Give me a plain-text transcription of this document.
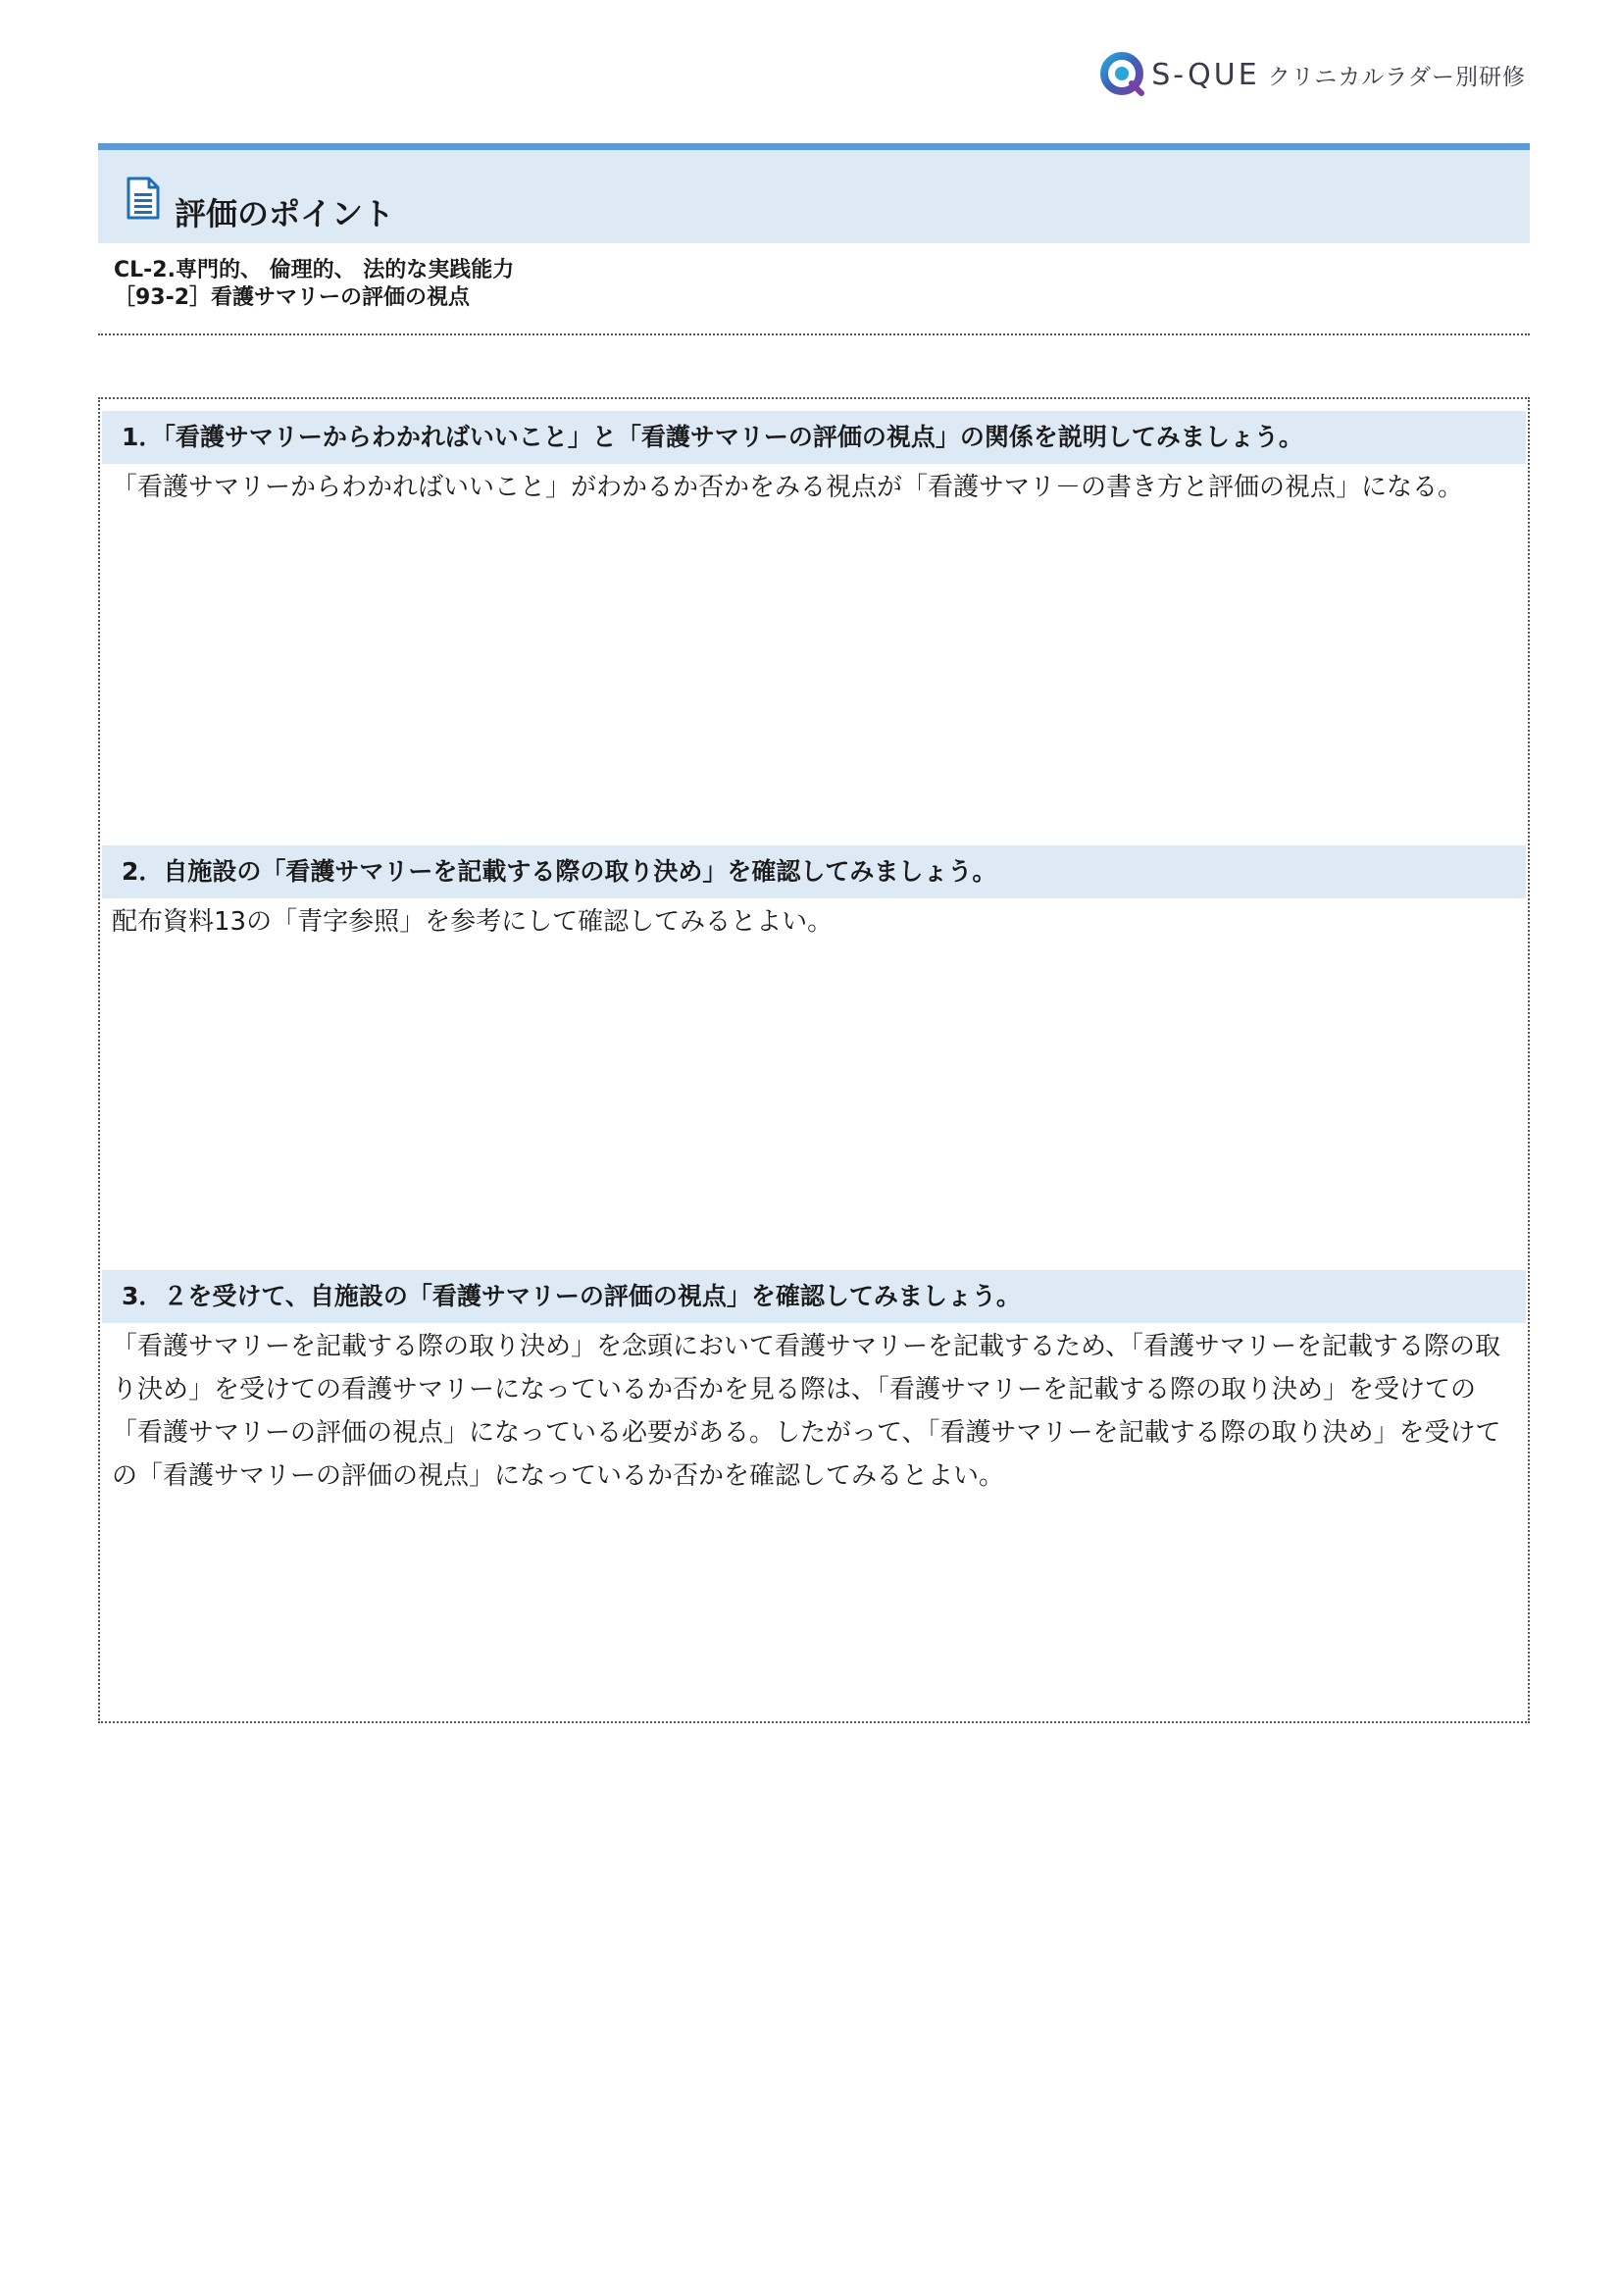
S-QUE クリニカルラダー別研修
評価のポイント
CL-2.専門的、 倫理的、 法的な実践能力
［93-2］看護サマリーの評価の視点
1．「看護サマリーからわかればいいこと」と「看護サマリーの評価の視点」の関係を説明してみましょう。
「看護サマリーからわかればいいこと」がわかるか否かをみる視点が「看護サマリ－の書き方と評価の視点」になる。
2．自施設の「看護サマリーを記載する際の取り決め」を確認してみましょう。
配布資料13の「青字参照」を参考にして確認してみるとよい。
3．２を受けて、自施設の「看護サマリーの評価の視点」を確認してみましょう。
「看護サマリーを記載する際の取り決め」を念頭において看護サマリーを記載するため、「看護サマリーを記載する際の取り決め」を受けての看護サマリーになっているか否かを見る際は、「看護サマリーを記載する際の取り決め」を受けての「看護サマリーの評価の視点」になっている必要がある。したがって、「看護サマリーを記載する際の取り決め」を受けての「看護サマリーの評価の視点」になっているか否かを確認してみるとよい。
